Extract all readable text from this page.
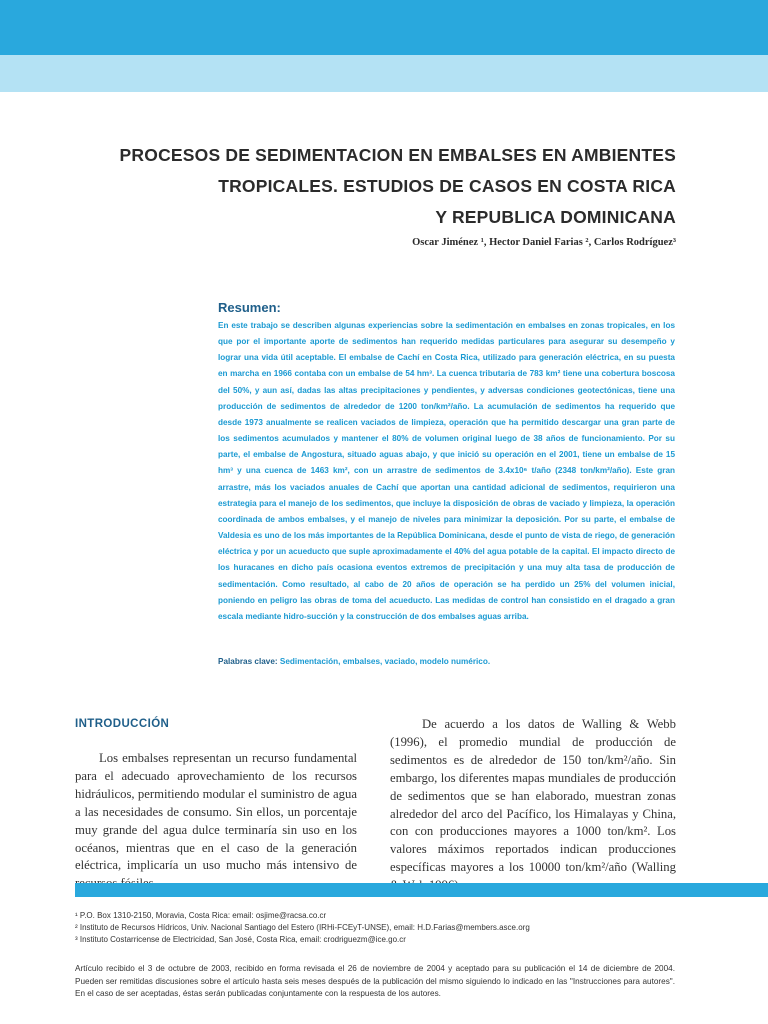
PROCESOS DE SEDIMENTACION EN EMBALSES EN AMBIENTES
TROPICALES. ESTUDIOS DE CASOS EN COSTA RICA
Y REPUBLICA DOMINICANA
Oscar Jiménez ¹, Hector Daniel Farias ², Carlos Rodríguez³
Resumen:
En este trabajo se describen algunas experiencias sobre la sedimentación en embalses en zonas tropicales, en los que por el importante aporte de sedimentos han requerido medidas particulares para asegurar su desempeño y lograr una vida útil aceptable. El embalse de Cachí en Costa Rica, utilizado para generación eléctrica, en su puesta en marcha en 1966 contaba con un embalse de 54 hm³. La cuenca tributaria de 783 km² tiene una cobertura boscosa del 50%, y aun así, dadas las altas precipitaciones y pendientes, y adversas condiciones geotectónicas, tiene una producción de sedimentos de alrededor de 1200 ton/km²/año. La acumulación de sedimentos ha requerido que desde 1973 anualmente se realicen vaciados de limpieza, operación que ha permitido descargar una gran parte de los sedimentos acumulados y mantener el 80% de volumen original luego de 38 años de funcionamiento. Por su parte, el embalse de Angostura, situado aguas abajo, y que inició su operación en el 2001, tiene un embalse de 15 hm³ y una cuenca de 1463 km², con un arrastre de sedimentos de 3.4x10⁶ t/año (2348 ton/km²/año). Este gran arrastre, más los vaciados anuales de Cachí que aportan una cantidad adicional de sedimentos, requirieron una estrategia para el manejo de los sedimentos, que incluye la disposición de obras de vaciado y limpieza, la operación coordinada de ambos embalses, y el manejo de niveles para minimizar la deposición. Por su parte, el embalse de Valdesia es uno de los más importantes de la República Dominicana, desde el punto de vista de riego, de generación eléctrica y por un acueducto que suple aproximadamente el 40% del agua potable de la capital. El impacto directo de los huracanes en dicho país ocasiona eventos extremos de precipitación y una muy alta tasa de producción de sedimentación. Como resultado, al cabo de 20 años de operación se ha perdido un 25% del volumen inicial, poniendo en peligro las obras de toma del acueducto. Las medidas de control han consistido en el dragado a gran escala mediante hidro-succión y la construcción de dos embalses aguas arriba.
Palabras clave: Sedimentación, embalses, vaciado, modelo numérico.
INTRODUCCIÓN
Los embalses representan un recurso fundamental para el adecuado aprovechamiento de los recursos hidráulicos, permitiendo modular el suministro de agua a las necesidades de consumo. Sin ellos, un porcentaje muy grande del agua dulce terminaría sin uso en los océanos, mientras que en el caso de la generación eléctrica, implicaría un uso mucho más intensivo de
De acuerdo a los datos de Walling & Webb (1996), el promedio mundial de producción de sedimentos es de alrededor de 150 ton/km²/año. Sin embargo, los diferentes mapas mundiales de producción de sedimentos que se han elaborado, muestran zonas alrededor del arco del Pacífico, los Himalayas y China, con con producciones mayores a 1000 ton/km². Los valores máximos reportados indican producciones específicas mayores a los 10000 ton/km²/año (Walling
¹ P.O. Box 1310-2150, Moravia, Costa Rica: email: osjime@racsa.co.cr
² Instituto de Recursos Hídricos, Univ. Nacional Santiago del Estero (IRHi-FCEyT-UNSE), email: H.D.Farias@members.asce.org
³ Instituto Costarricense de Electricidad, San José, Costa Rica, email: crodriguezm@ice.go.cr
Artículo recibido el 3 de octubre de 2003, recibido en forma revisada el 26 de noviembre de 2004 y aceptado para su publicación el 14 de diciembre de 2004. Pueden ser remitidas discusiones sobre el artículo hasta seis meses después de la publicación del mismo siguiendo lo indicado en las "Instrucciones para autores". En el caso de ser aceptadas, éstas serán publicadas conjuntamente con la respuesta de los autores.
